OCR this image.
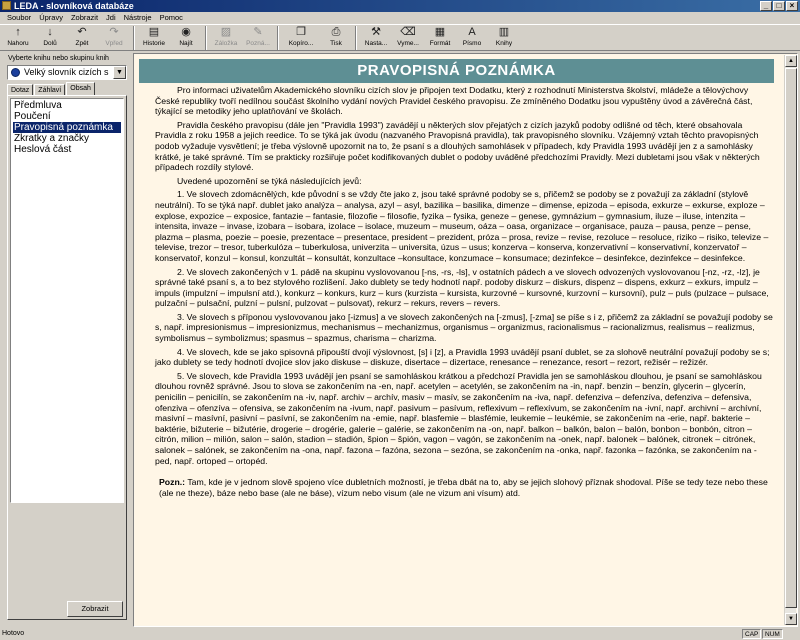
LEDA - slovníková databáze	_	□	×
Soubor	Úpravy	Zobrazit	Jdi	Nástroje	Pomoc
↑
Nahoru
↓
Dolů
↶
Zpět
↷
Vpřed
▤
Historie
◉
Najít
▨
Záložka
✎
Pozná...
❐
Kopíro...
⎙
Tisk
⚒
Nasta...
⌫
Vyme...
▦
Formát
A
Písmo
▥
Knihy
Vyberte knihu nebo skupinu knih
Velký slovník cizích s	▼
Dotaz	Záhlaví	Obsah
Předmluva
Poučení
Pravopisná poznámka
Zkratky a značky
Heslová část
Zobrazit
PRAVOPISNÁ POZNÁMKA

Pro informaci uživatelům Akademického slovníku cizích slov je připojen text Dodatku, který z rozhodnutí Ministerstva školství, mládeže a tělovýchovy České republiky tvoří nedílnou součást školního vydání nových Pravidel českého pravopisu. Ze zmíněného Dodatku jsou vypuštěny úvod a závěrečná část, týkající se metodiky jeho uplatňování ve školách.

Pravidla českého pravopisu (dále jen "Pravidla 1993") zavádějí u některých slov přejatých z cizích jazyků podoby odlišné od těch, které obsahovala Pravidla z roku 1958 a jejich reedice. To se týká jak úvodu (nazvaného Pravopisná pravidla), tak pravopisného slovníku. Vzájemný vztah těchto pravopisných podob vyžaduje vysvětlení; je třeba výslovně upozornit na to, že psaní s a dlouhých samohlásek v případech, kdy Pravidla 1993 uvádějí jen z a samohlásky krátké, je také správné. Tím se prakticky rozšiřuje počet kodifikovaných dublet o podoby uváděné předchozími Pravidly. Mezi dubletami jsou však v některých případech rozdíly stylové.

Uvedené upozornění se týká následujících jevů:

1. Ve slovech zdomácnělých, kde původní s se vždy čte jako z, jsou také správné podoby se s, přičemž se podoby se z považují za základní (stylově neutrální). To se týká např. dublet jako analýza – analysa, azyl – asyl, bazilika – basilika, dimenze – dimense, epizoda – episoda, exkurze – exkurse, exploze – explose, expozice – exposice, fantazie – fantasie, filozofie – filosofie, fyzika – fysika, geneze – genese, gymnázium – gymnasium, iluze – iluse, intenzita – intensita, invaze – invase, izobara – isobara, izolace – isolace, muzeum – museum, oáza – oasa, organizace – organisace, pauza – pausa, penze – pense, plazma – plasma, poezie – poesie, prezentace – presentace, president – prezident, próza – prosa, revize – revise, rezoluce – resoluce, riziko – risiko, televize – televise, trezor – tresor, tuberkulóza – tuberkulosa, univerzita – universita, úzus – usus; konzerva – konserva, konzervativní – konservativní, konzervatoř – konservatoř, konzul – konsul, konzultát – konsultát, konzultace –konsultace, konzumace – konsumace; dezinfekce – desinfekce, dezinfekce – desinfekce.

2. Ve slovech zakončených v 1. pádě na skupinu vyslovovanou [-ns, -rs, -ls], v ostatních pádech a ve slovech odvozených vyslovovanou [-nz, -rz, -lz], je správné také psaní s, a to bez stylového rozlišení. Jako dublety se tedy hodnotí např. podoby diskurz – diskurs, dispenz – dispens, exkurz – exkurs, impulz – impuls (impulzní – impulsní atd.), konkurz – konkurs, kurz – kurs (kurzista – kursista, kurzovné – kursovné, kurzovní – kursovní), pulz – puls (pulzace – pulsace, pulzační – pulsační, pulzní – pulsní, pulzovat – pulsovat), rekurz – rekurs, revers – revers.

3. Ve slovech s příponou vyslovovanou jako [-izmus] a ve slovech zakončených na [-zmus], [-zma] se píše s i z, přičemž za základní se považují podoby se s, např. impresionismus – impresionizmus, mechanismus – mechanizmus, organismus – organizmus, racionalismus – racionalizmus, realismus – realizmus, symbolismus – symbolizmus; spasmus – spazmus, charisma – charizma.

4. Ve slovech, kde se jako spisovná připouští dvojí výslovnost, [s] i [z], a Pravidla 1993 uvádějí psaní dublet, se za slohově neutrální považují podoby se s; jako dublety se tedy hodnotí dvojice slov jako diskuse – diskuze, disertace – dizertace, renesance – renezance, resort – rezort, režisér – režizér.

5. Ve slovech, kde Pravidla 1993 uvádějí jen psaní se samohláskou krátkou a předchozí Pravidla jen se samohláskou dlouhou, je psaní se samohláskou dlouhou rovněž správné. Jsou to slova se zakončením na -en, např. acetylen – acetylén, se zakončením na -in, např. benzin – benzín, glycerin – glycerín, penicilin – penicilín, se zakončením na -iv, např. archiv – archív, masiv – masív, se zakončením na -iva, např. defenziva – defenzíva, defenziva – defensiva, ofenziva – ofenzíva – ofensiva, se zakončením na -ivum, např. pasivum – pasívum, reflexivum – reflexívum, se zakončením na -ivní, např. archivní – archívní, masivní – masívní, pasivní – pasívní, se zakončením na -emie, např. blasfemie – blasfémie, leukemie – leukémie, se zakončením na -erie, např. bakterie – baktérie, bižuterie – bižutérie, drogerie – drogérie, galerie – galérie, se zakončením na -on, např. balkon – balkón, balon – balón, bonbon – bonbón, citron – citrón, milion – milión, salon – salón, stadion – stadión, špion – špión, vagon – vagón, se zakončením na -onek, např. balonek – balónek, citronek – citrónek, salonek – salónek, se zakončením na -ona, např. fazona – fazóna, sezona – sezóna, se zakončením na -onka, např. fazonka – fazónka, se zakončením na -ped, např. ortoped – ortopéd.

Pozn.: Tam, kde je v jednom slově spojeno více dubletních možností, je třeba dbát na to, aby se jejich slohový příznak shodoval. Píše se tedy teze nebo these (ale ne theze), báze nebo base (ale ne báse), vízum nebo visum (ale ne vizum ani vísum) atd.

▲
▼
Hotovo	CAP	NUM
